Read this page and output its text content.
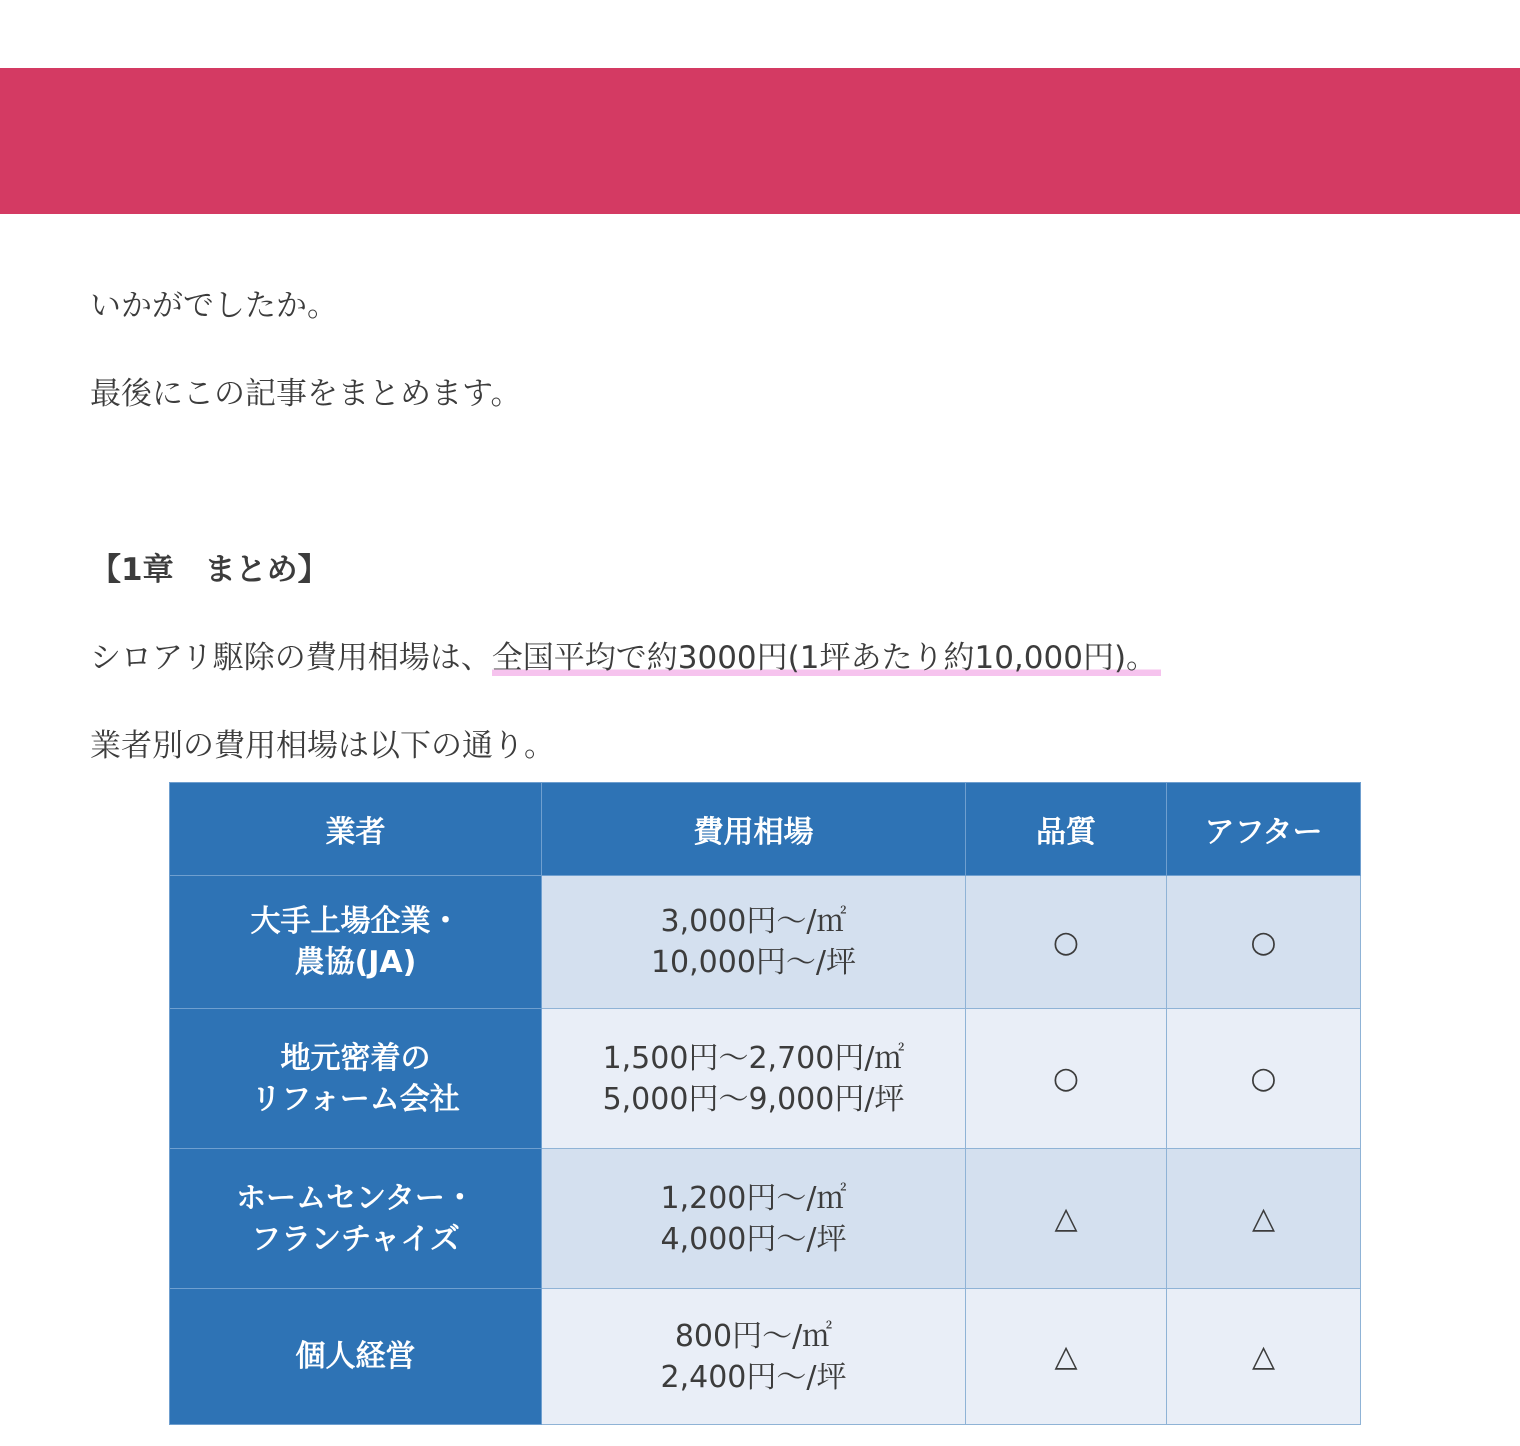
まとめ

いかがでしたか。

最後にこの記事をまとめます。

【1章　まとめ】

シロアリ駆除の費用相場は、全国平均で約3000円(1坪あたり約10,000円)。

業者別の費用相場は以下の通り。

業者	費用相場	品質	アフター

大手上場企業・
農協(JA)	3,000円〜/㎡
10,000円〜/坪	○	○

地元密着の
リフォーム会社	1,500円〜2,700円/㎡
5,000円〜9,000円/坪	○	○

ホームセンター・
フランチャイズ	1,200円〜/㎡
4,000円〜/坪	△	△

個人経営	800円〜/㎡
2,400円〜/坪	△	△
